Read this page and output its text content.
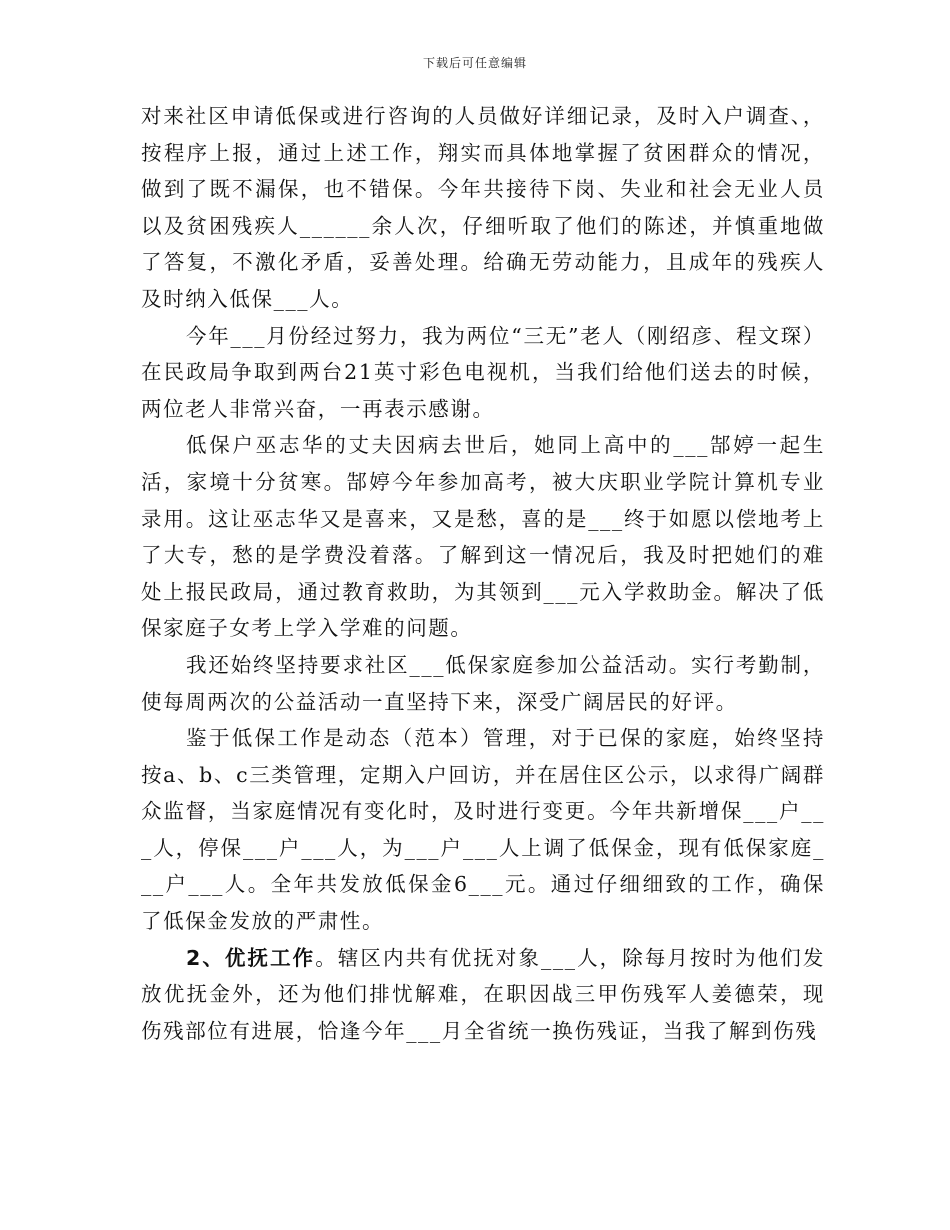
下载后可任意编辑

对来社区申请低保或进行咨询的人员做好详细记录，及时入户调查、，按程序上报，通过上述工作，翔实而具体地掌握了贫困群众的情况，做到了既不漏保，也不错保。今年共接待下岗、失业和社会无业人员以及贫困残疾人______余人次，仔细听取了他们的陈述，并慎重地做了答复，不激化矛盾，妥善处理。给确无劳动能力，且成年的残疾人及时纳入低保___人。

今年___月份经过努力，我为两位“三无”老人（刚绍彦、程文琛）在民政局争取到两台21英寸彩色电视机，当我们给他们送去的时候，两位老人非常兴奋，一再表示感谢。

低保户巫志华的丈夫因病去世后，她同上高中的___郜婷一起生活，家境十分贫寒。郜婷今年参加高考，被大庆职业学院计算机专业录用。这让巫志华又是喜来，又是愁，喜的是___终于如愿以偿地考上了大专，愁的是学费没着落。了解到这一情况后，我及时把她们的难处上报民政局，通过教育救助，为其领到___元入学救助金。解决了低保家庭子女考上学入学难的问题。

我还始终坚持要求社区___低保家庭参加公益活动。实行考勤制，使每周两次的公益活动一直坚持下来，深受广阔居民的好评。

鉴于低保工作是动态（范本）管理，对于已保的家庭，始终坚持按a、b、c三类管理，定期入户回访，并在居住区公示，以求得广阔群众监督，当家庭情况有变化时，及时进行变更。今年共新增保___户___人，停保___户___人，为___户___人上调了低保金，现有低保家庭___户___人。全年共发放低保金6___元。通过仔细细致的工作，确保了低保金发放的严肃性。

2、优抚工作。辖区内共有优抚对象___人，除每月按时为他们发放优抚金外，还为他们排忧解难，在职因战三甲伤残军人姜德荣，现伤残部位有进展，恰逢今年___月全省统一换伤残证，当我了解到伤残
